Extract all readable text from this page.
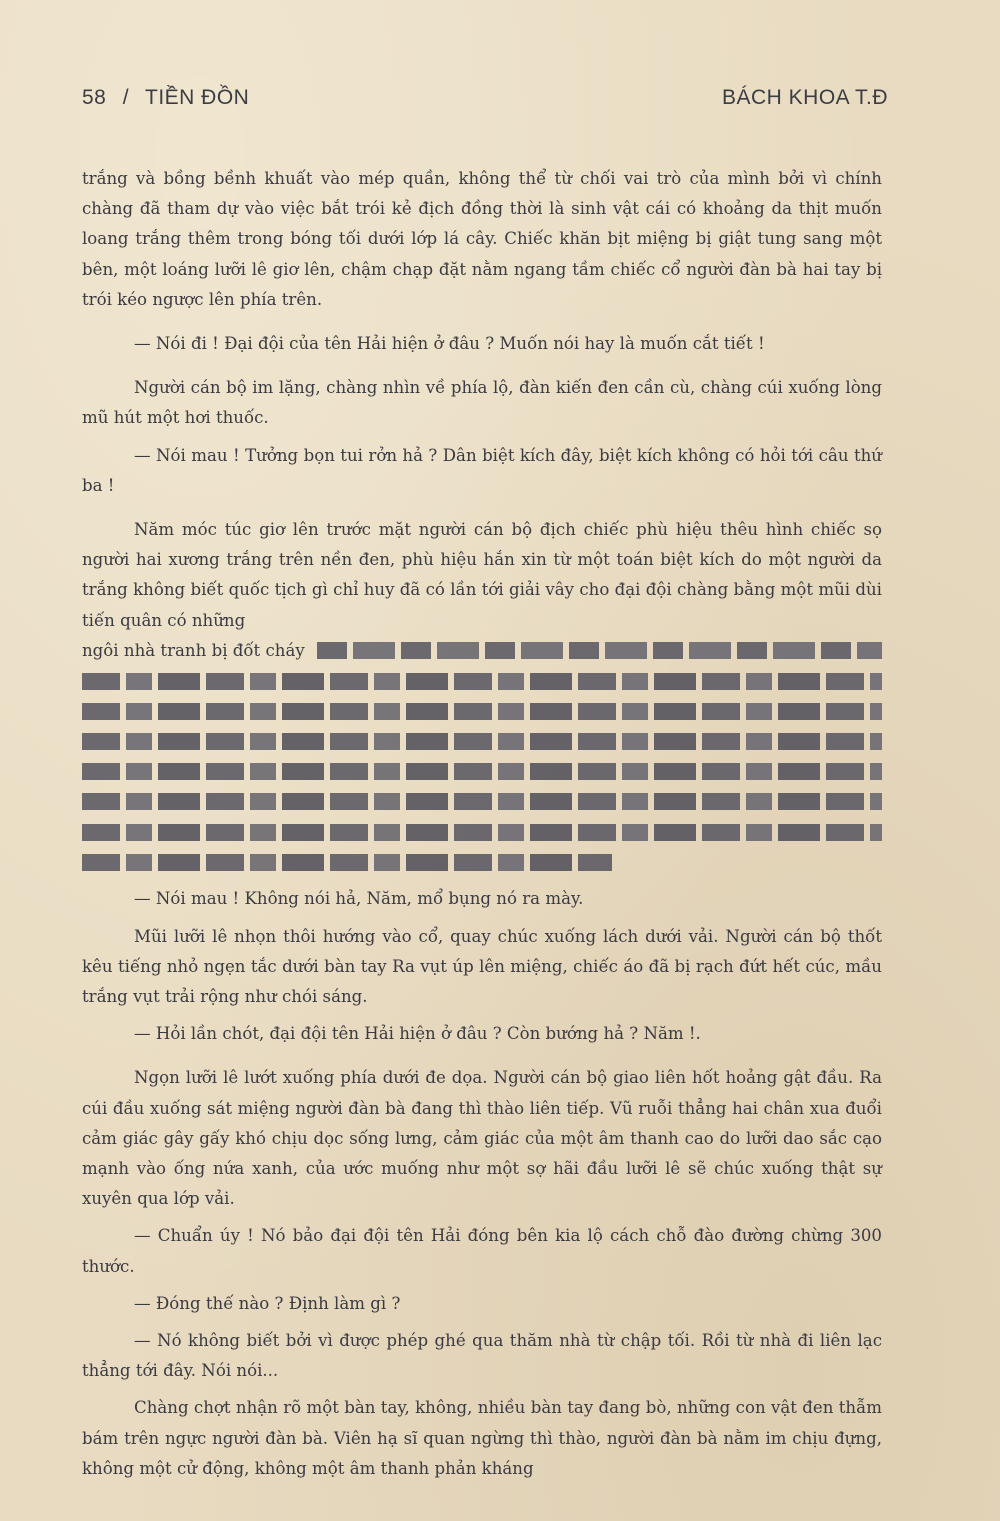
58 / TIỀN ĐỒN	BÁCH KHOA T.Đ

trắng và bồng bềnh khuất vào mép quần, không thể từ chối vai trò của mình bởi vì chính chàng đã tham dự vào việc bắt trói kẻ địch đồng thời là sinh vật cái có khoảng da thịt muốn loang trắng thêm trong bóng tối dưới lớp lá cây. Chiếc khăn bịt miệng bị giật tung sang một bên, một loáng lưỡi lê giơ lên, chậm chạp đặt nằm ngang tầm chiếc cổ người đàn bà hai tay bị trói kéo ngược lên phía trên.

— Nói đi ! Đại đội của tên Hải hiện ở đâu ? Muốn nói hay là muốn cắt tiết !

Người cán bộ im lặng, chàng nhìn về phía lộ, đàn kiến đen cần cù, chàng cúi xuống lòng mũ hút một hơi thuốc.

— Nói mau ! Tưởng bọn tui rởn hả ? Dân biệt kích đây, biệt kích không có hỏi tới câu thứ ba !

Năm móc túc giơ lên trước mặt người cán bộ địch chiếc phù hiệu thêu hình chiếc sọ người hai xương trắng trên nền đen, phù hiệu hắn xin từ một toán biệt kích do một người da trắng không biết quốc tịch gì chỉ huy đã có lần tới giải vây cho đại đội chàng bằng một mũi dùi tiến quân có những

ngôi nhà tranh bị đốt cháy

— Nói mau ! Không nói hả, Năm, mổ bụng nó ra mày.

Mũi lưỡi lê nhọn thôi hướng vào cổ, quay chúc xuống lách dưới vải. Người cán bộ thốt kêu tiếng nhỏ ngẹn tắc dưới bàn tay Ra vụt úp lên miệng, chiếc áo đã bị rạch đứt hết cúc, mầu trắng vụt trải rộng như chói sáng.

— Hỏi lần chót, đại đội tên Hải hiện ở đâu ? Còn bướng hả ? Năm !.

Ngọn lưỡi lê lướt xuống phía dưới đe dọa. Người cán bộ giao liên hốt hoảng gật đầu. Ra cúi đầu xuống sát miệng người đàn bà đang thì thào liên tiếp. Vũ ruỗi thẳng hai chân xua đuổi cảm giác gây gấy khó chịu dọc sống lưng, cảm giác của một âm thanh cao do lưỡi dao sắc cạo mạnh vào ống nứa xanh, của ước muống như một sợ hãi đầu lưỡi lê sẽ chúc xuống thật sự xuyên qua lớp vải.

— Chuẩn úy ! Nó bảo đại đội tên Hải đóng bên kia lộ cách chỗ đào đường chừng 300 thước.

— Đóng thế nào ? Định làm gì ?

— Nó không biết bởi vì được phép ghé qua thăm nhà từ chập tối. Rồi từ nhà đi liên lạc thẳng tới đây. Nói nói...

Chàng chợt nhận rõ một bàn tay, không, nhiều bàn tay đang bò, những con vật đen thẫm bám trên ngực người đàn bà. Viên hạ sĩ quan ngừng thì thào, người đàn bà nằm im chịu đựng, không một cử động, không một âm thanh phản kháng
